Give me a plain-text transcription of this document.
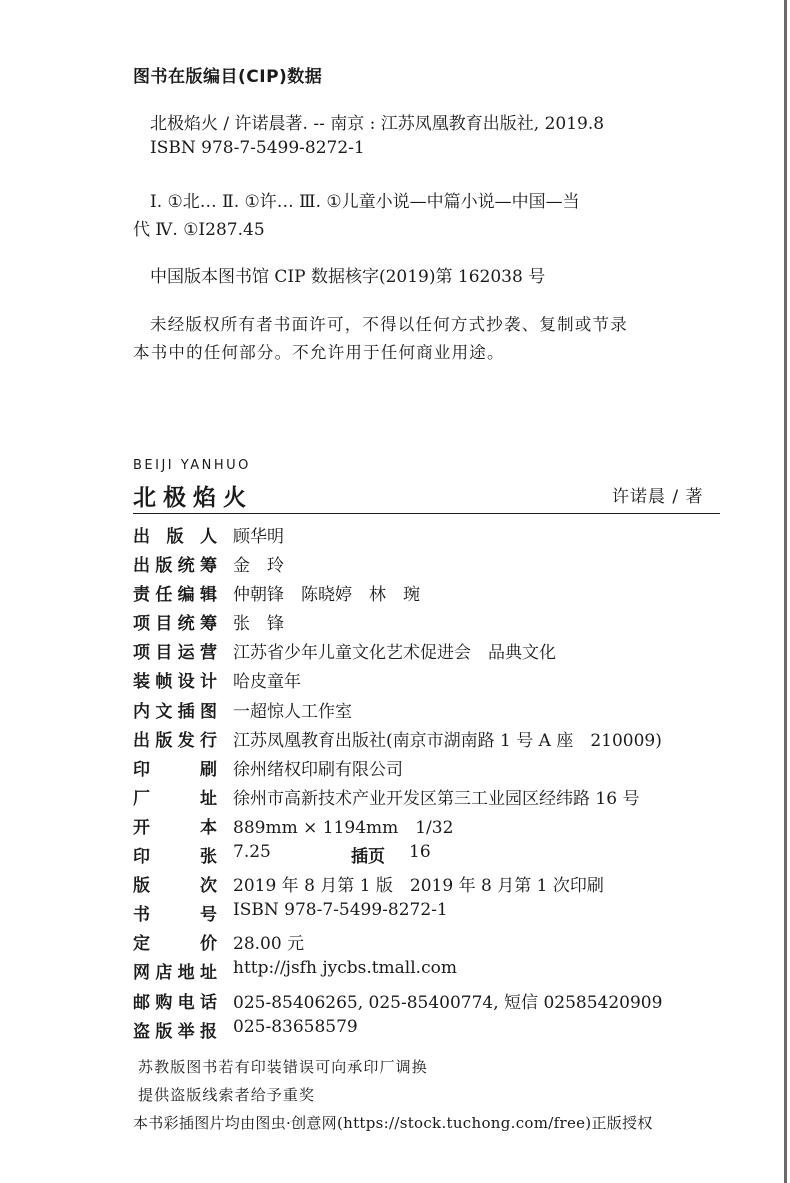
图书在版编目(CIP)数据
北极焰火 / 许诺晨著. -- 南京 : 江苏凤凰教育出版社, 2019.8
ISBN 978-7-5499-8272-1
Ⅰ. ①北… Ⅱ. ①许… Ⅲ. ①儿童小说—中篇小说—中国—当
代 Ⅳ. ①I287.45
中国版本图书馆 CIP 数据核字(2019)第 162038 号
未经版权所有者书面许可，不得以任何方式抄袭、复制或节录
本书中的任何部分。不允许用于任何商业用途。
BEIJI YANHUO
北极焰火	许诺晨 / 著
出 版 人 顾华明
出 版 统 筹 金　玲
责 任 编 辑 仲朝锋　陈晓婷　林　琬
项 目 统 筹 张　锋
项 目 运 营 江苏省少年儿童文化艺术促进会　品典文化
装 帧 设 计 哈皮童年
内 文 插 图 一超惊人工作室
出 版 发 行 江苏凤凰教育出版社(南京市湖南路 1 号 A 座　210009)
印	刷 徐州绪权印刷有限公司
厂	址 徐州市高新技术产业开发区第三工业园区经纬路 16 号
开	本 889mm × 1194mm　1/32
印	张 7.25	插页 16
版	次 2019 年 8 月第 1 版　2019 年 8 月第 1 次印刷
书	号 ISBN 978-7-5499-8272-1
定	价 28.00 元
网 店 地 址 http://jsfh jycbs.tmall.com
邮 购 电 话 025-85406265, 025-85400774, 短信 02585420909
盗 版 举 报 025-83658579
苏教版图书若有印装错误可向承印厂调换
提供盗版线索者给予重奖
本书彩插图片均由图虫·创意网(https://stock.tuchong.com/free)正版授权
